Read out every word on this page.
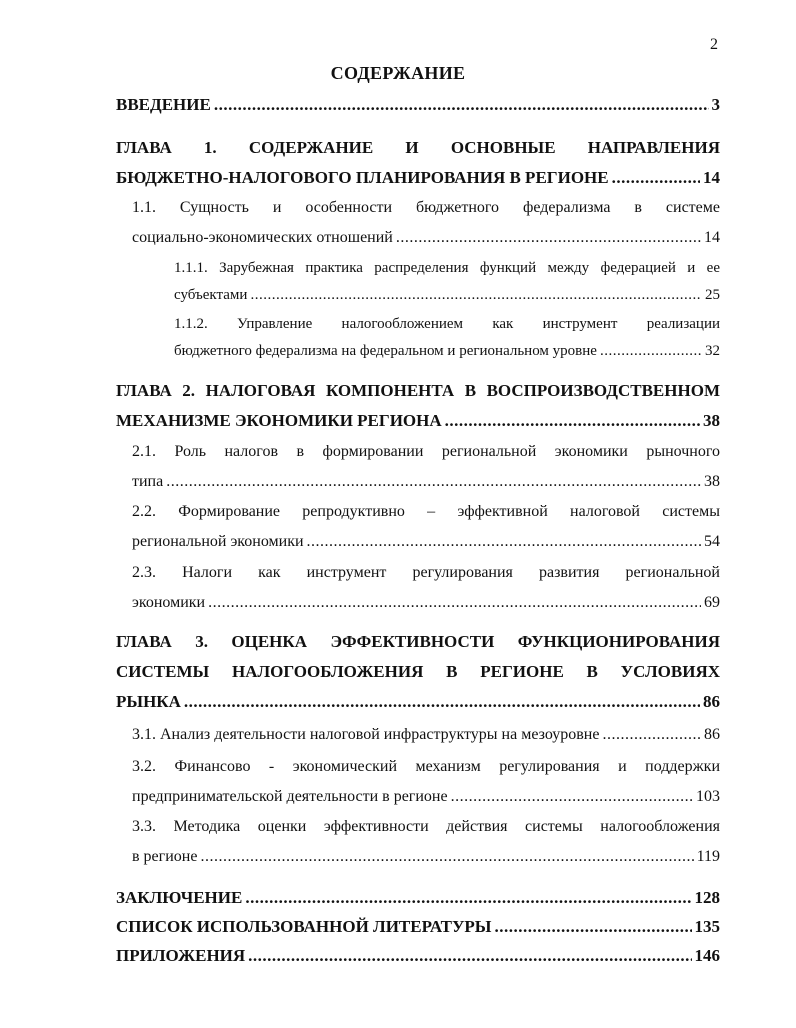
2
СОДЕРЖАНИЕ
ВВЕДЕНИЕ .....	3
ГЛАВА 1. СОДЕРЖАНИЕ И ОСНОВНЫЕ НАПРАВЛЕНИЯ
БЮДЖЕТНО-НАЛОГОВОГО ПЛАНИРОВАНИЯ В РЕГИОНЕ .....	14
1.1. Сущность и особенности бюджетного федерализма в системе
социально-экономических отношений .....	14
1.1.1. Зарубежная практика распределения функций между федерацией и ее
субъектами .....	25
1.1.2. Управление налогообложением как инструмент реализации
бюджетного федерализма на федеральном и региональном уровне .....	32
ГЛАВА 2. НАЛОГОВАЯ КОМПОНЕНТА В ВОСПРОИЗВОДСТВЕННОМ
МЕХАНИЗМЕ ЭКОНОМИКИ РЕГИОНА .....	38
2.1. Роль налогов в формировании региональной экономики рыночного
типа .....	38
2.2. Формирование репродуктивно – эффективной налоговой системы
региональной экономики .....	54
2.3. Налоги как инструмент регулирования развития региональной
экономики .....	69
ГЛАВА 3. ОЦЕНКА ЭФФЕКТИВНОСТИ ФУНКЦИОНИРОВАНИЯ
СИСТЕМЫ НАЛОГООБЛОЖЕНИЯ В РЕГИОНЕ В УСЛОВИЯХ
РЫНКА .....	86
3.1. Анализ деятельности налоговой инфраструктуры на мезоуровне .....	86
3.2. Финансово - экономический механизм регулирования и поддержки
предпринимательской деятельности в регионе .....	103
3.3. Методика оценки эффективности действия системы налогообложения
в регионе .....	119
ЗАКЛЮЧЕНИЕ .....	128
СПИСОК ИСПОЛЬЗОВАННОЙ ЛИТЕРАТУРЫ .....	135
ПРИЛОЖЕНИЯ .....	146
